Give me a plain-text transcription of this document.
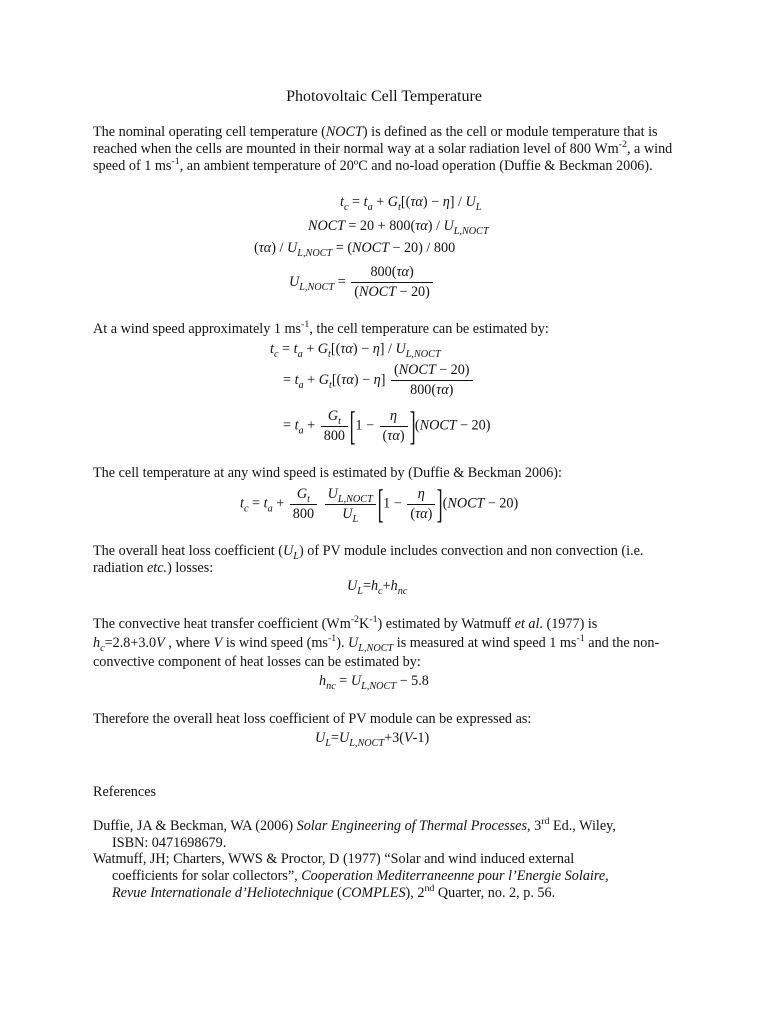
Photovoltaic Cell Temperature
The nominal operating cell temperature (NOCT) is defined as the cell or module temperature that is reached when the cells are mounted in their normal way at a solar radiation level of 800 $Wm^{-2}$, a wind speed of 1 $ms^{-1}$, an ambient temperature of 20ºC and no-load operation (Duffie & Beckman 2006).
$t_c = t_a + G_t[(\tau\alpha) - \eta] / U_L$
NOCT = $20 + 800(\tau\alpha) / U_{L,NOCT}$
$(\tau\alpha) / U_{L,NOCT}$ = (NOCT − 20) / 800
$U_{L,NOCT} = \frac{800(\tau\alpha)}{\text{(NOCT − 20)}}$
At a wind speed approximately 1 $ms^{-1}$, the cell temperature can be estimated by:
$t_c = t_a + G_t[(\tau\alpha) - \eta] / U_{L,NOCT}$
= $t_a + G_t[(\tau\alpha) - \eta] \frac{\text{(NOCT − 20)}}{800(\tau\alpha)}$
= $t_a + \frac{G_t}{800} [1 - \frac{\eta}{(\tau\alpha)}$ ](NOCT − 20)
The cell temperature at any wind speed is estimated by (Duffie & Beckman 2006):
$t_c = t_a + \frac{G_t}{800}$
$\frac{U_{L,NOCT}}{U_L} [1 - \frac{\eta}{(\tau\alpha)}$ ](NOCT − 20)
The overall heat loss coefficient $(U_L)$ of PV module includes convection and non convection (i.e. radiation etc.) losses:
$U_L=h_c+h_{nc}$
The convective heat transfer coefficient $(Wm^{-2}K^{-1})$ estimated by Watmuff et al. (1977) is
$h_c=2.8+3.0V$ , where V is wind speed $(ms^{-1})$. $U_{L,NOCT}$ is measured at wind speed 1 $ms^{-1}$ and the non-convective component of heat losses can be estimated by:
$h_{nc} = U_{L,NOCT} - 5.8$
Therefore the overall heat loss coefficient of PV module can be expressed as:
$U_L=U_{L,NOCT}+3(V-1)$
References
Duffie, JA & Beckman, WA (2006) Solar Engineering of Thermal Processes, 3rd Ed., Wiley,
ISBN: 0471698679.
Watmuff, JH; Charters, WWS & Proctor, D (1977) “Solar and wind induced external
coefficients for solar collectors”, Cooperation Mediterraneenne pour l’Energie Solaire,
Revue Internationale d’Heliotechnique (COMPLES), 2nd Quarter, no. 2, p. 56.
